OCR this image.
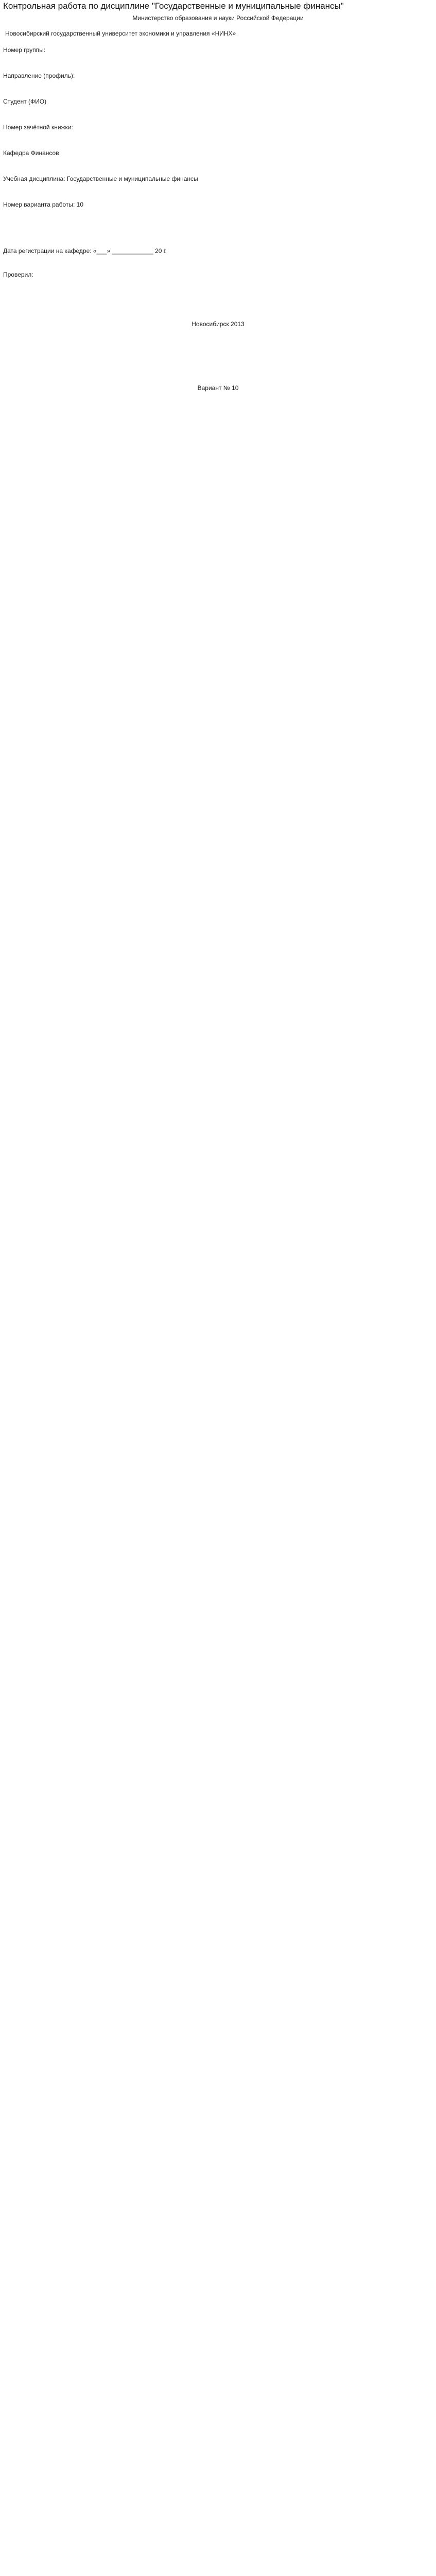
Контрольная работа по дисциплине "Государственные и муниципальные финансы"
Министерство образования и науки Российской Федерации
Новосибирский государственный университет экономики и управления «НИНХ»
Номер группы:
Направление (профиль):
Студент (ФИО)
Номер зачётной книжки:
Кафедра Финансов
Учебная дисциплина: Государственные и муниципальные финансы
Номер варианта работы: 10
Дата регистрации на кафедре: «___» ____________ 20 г.
Проверил:
Новосибирск 2013
Вариант № 10
